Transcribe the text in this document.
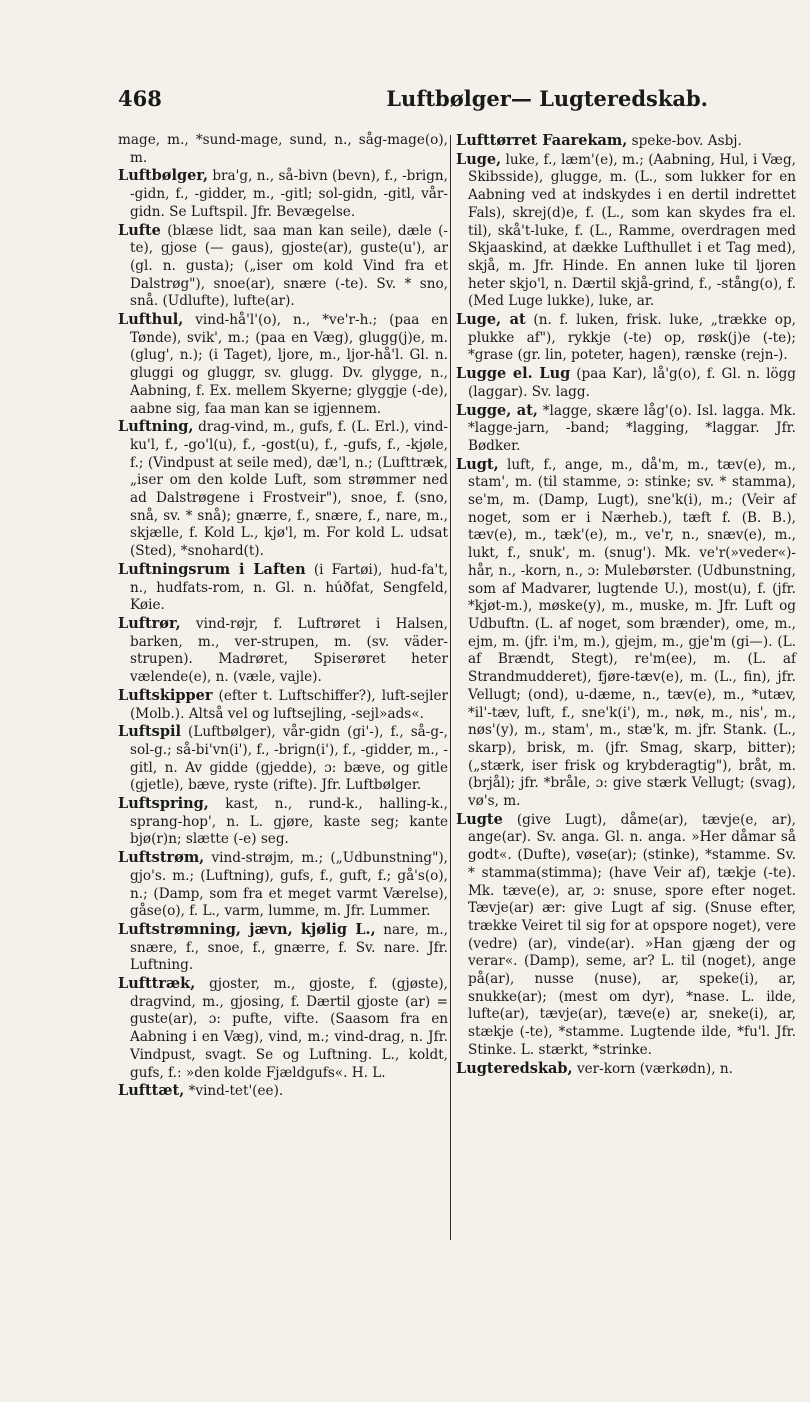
468	Luftbølger— Lugteredskab.
mage, m., *sund-mage, sund, n., såg-mage(o), m.
Luftbølger, bra'g, n., så-bivn (bevn), f., -brign, -gidn, f., -gidder, m., -gitl; sol-gidn, -gitl, vår-gidn. Se Luftspil. Jfr. Bevægelse.
Lufte (blæse lidt, saa man kan seile), dæle (-te), gjose (— gaus), gjoste(ar), guste(u'), ar (gl. n. gusta); („iser om kold Vind fra et Dalstrøg"), snoe(ar), snære (-te). Sv. * sno, snå. (Udlufte), lufte(ar).
Lufthul, vind-hå'l'(o), n., *ve'r-h.; (paa en Tønde), svik', m.; (paa en Væg), glugg(j)e, m. (glug', n.); (i Taget), ljore, m., ljor-hå'l. Gl. n. gluggi og gluggr, sv. glugg. Dv. glygge, n., Aabning, f. Ex. mellem Skyerne; glyggje (-de), aabne sig, faa man kan se igjennem.
Luftning, drag-vind, m., gufs, f. (L. Erl.), vind-ku'l, f., -go'l(u), f., -gost(u), f., -gufs, f., -kjøle, f.; (Vindpust at seile med), dæ'l, n.; (Lufttræk, „iser om den kolde Luft, som strømmer ned ad Dalstrøgene i Frostveir"), snoe, f. (sno, snå, sv. * snå); gnærre, f., snære, f., nare, m., skjælle, f. Kold L., kjø'l, m. For kold L. udsat (Sted), *snohard(t).
Luftningsrum i Laften (i Fartøi), hud-fa't, n., hudfats-rom, n. Gl. n. húðfat, Sengfeld, Køie.
Luftrør, vind-røjr, f. Luftrøret i Halsen, barken, m., ver-strupen, m. (sv. väder-strupen). Madrøret, Spiserøret heter vælende(e), n. (væle, vajle).
Luftskipper (efter t. Luftschiffer?), luft-sejler (Molb.). Altså vel og luftsejling, -sejl»ads«.
Luftspil (Luftbølger), vår-gidn (gi'-), f., så-g-, sol-g.; så-bi'vn(i'), f., -brign(i'), f., -gidder, m., -gitl, n. Av gidde (gjedde), ɔ: bæve, og gitle (gjetle), bæve, ryste (rifte). Jfr. Luftbølger.
Luftspring, kast, n., rund-k., halling-k., sprang-hop', n. L. gjøre, kaste seg; kante bjø(r)n; slætte (-e) seg.
Luftstrøm, vind-strøjm, m.; („Udbunstning"), gjo's. m.; (Luftning), gufs, f., guft, f.; gå's(o), n.; (Damp, som fra et meget varmt Værelse), gåse(o), f. L., varm, lumme, m. Jfr. Lummer.
Luftstrømning, jævn, kjølig L., nare, m., snære, f., snoe, f., gnærre, f. Sv. nare. Jfr. Luftning.
Lufttræk, gjoster, m., gjoste, f. (gjøste), dragvind, m., gjosing, f. Dærtil gjoste (ar) = guste(ar), ɔ: pufte, vifte. (Saasom fra en Aabning i en Væg), vind, m.; vind-drag, n. Jfr. Vindpust, svagt. Se og Luftning. L., koldt, gufs, f.: »den kolde Fjældgufs«. H. L.
Lufttæt, *vind-tet'(ee).
Lufttørret Faarekam, speke-bov. Asbj.
Luge, luke, f., læm'(e), m.; (Aabning, Hul, i Væg, Skibsside), glugge, m. (L., som lukker for en Aabning ved at indskydes i en dertil indrettet Fals), skrej(d)e, f. (L., som kan skydes fra el. til), skå't-luke, f. (L., Ramme, overdragen med Skjaaskind, at dække Lufthullet i et Tag med), skjå, m. Jfr. Hinde. En annen luke til ljoren heter skjo'l, n. Dærtil skjå-grind, f., -stång(o), f. (Med Luge lukke), luke, ar.
Luge, at (n. f. luken, frisk. luke, „trække op, plukke af"), rykkje (-te) op, røsk(j)e (-te); *grase (gr. lin, poteter, hagen), rænske (rejn-).
Lugge el. Lug (paa Kar), lå'g(o), f. Gl. n. lögg (laggar). Sv. lagg.
Lugge, at, *lagge, skære låg'(o). Isl. lagga. Mk. *lagge-jarn, -band; *lagging, *laggar. Jfr. Bødker.
Lugt, luft, f., ange, m., då'm, m., tæv(e), m., stam', m. (til stamme, ɔ: stinke; sv. * stamma), se'm, m. (Damp, Lugt), sne'k(i), m.; (Veir af noget, som er i Nærheb.), tæft f. (B. B.), tæv(e), m., tæk'(e), m., ve'r, n., snæv(e), m., lukt, f., snuk', m. (snug'). Mk. ve'r(»veder«)-hår, n., -korn, n., ɔ: Mulebørster. (Udbunstning, som af Madvarer, lugtende U.), most(u), f. (jfr. *kjøt-m.), møske(y), m., muske, m. Jfr. Luft og Udbuftn. (L. af noget, som brænder), ome, m., ejm, m. (jfr. i'm, m.), gjejm, m., gje'm (gi—). (L. af Brændt, Stegt), re'm(ee), m. (L. af Strandmudderet), fjøre-tæv(e), m. (L., fin), jfr. Vellugt; (ond), u-dæme, n., tæv(e), m., *utæv, *il'-tæv, luft, f., sne'k(i'), m., nøk, m., nis', m., nøs'(y), m., stam', m., stæ'k, m. jfr. Stank. (L., skarp), brisk, m. (jfr. Smag, skarp, bitter); („stærk, iser frisk og krybderagtig"), bråt, m. (brjål); jfr. *bråle, ɔ: give stærk Vellugt; (svag), vø's, m.
Lugte (give Lugt), dåme(ar), tævje(e, ar), ange(ar). Sv. anga. Gl. n. anga. »Her dåmar så godt«. (Dufte), vøse(ar); (stinke), *stamme. Sv. * stamma(stimma); (have Veir af), tækje (-te). Mk. tæve(e), ar, ɔ: snuse, spore efter noget. Tævje(ar) ær: give Lugt af sig. (Snuse efter, trække Veiret til sig for at opspore noget), vere (vedre) (ar), vinde(ar). »Han gjæng der og verar«. (Damp), seme, ar? L. til (noget), ange på(ar), nusse (nuse), ar, speke(i), ar, snukke(ar); (mest om dyr), *nase. L. ilde, lufte(ar), tævje(ar), tæve(e) ar, sneke(i), ar, stækje (-te), *stamme. Lugtende ilde, *fu'l. Jfr. Stinke. L. stærkt, *strinke.
Lugteredskab, ver-korn (værkødn), n.
